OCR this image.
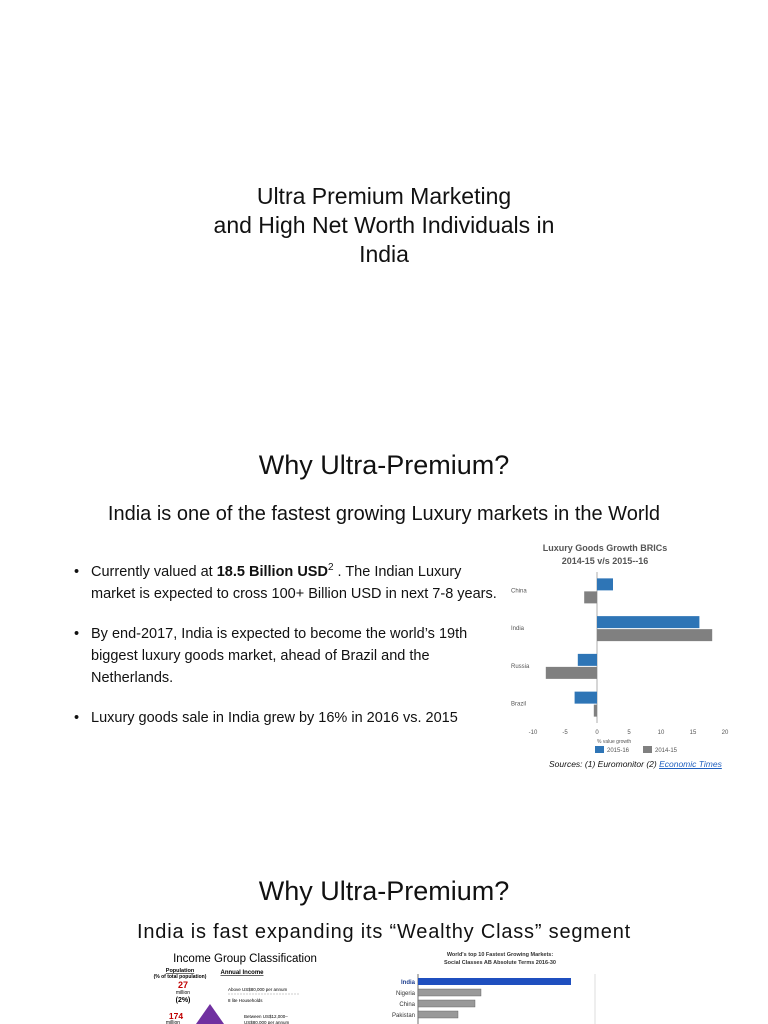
Ultra Premium Marketing
and High Net Worth Individuals in
India
Why Ultra-Premium?
India is one of the fastest growing Luxury markets in the World
• Currently valued at 18.5 Billion USD$^2$ . The Indian Luxury market is expected to cross 100+ Billion USD in next 7-8 years.
• By end-2017, India is expected to become the world’s 19th biggest luxury goods market, ahead of Brazil and the Netherlands.
• Luxury goods sale in India grew by 16% in 2016 vs. 2015
Luxury Goods Growth BRICs
2014-15 v/s 2015--16
China
India
Russia
Brazil
-10	-5	0	5	10	15	20
% value growth
2015-16	2014-15
Sources: (1) Euromonitor (2) Economic Times
Why Ultra-Premium?
India is fast expanding its “Wealthy Class” segment
Income Group Classification
Population
(% of total population)
Annual Income
27
million
(2%)
Above US$80,000 per annum
8 lite Households
174
million
Between US$12,000–
US$80,000 per annum
World's top 10 Fastest Growing Markets:
Social Classes AB Absolute Terms 2016-30
India
Nigeria
China
Pakistan
